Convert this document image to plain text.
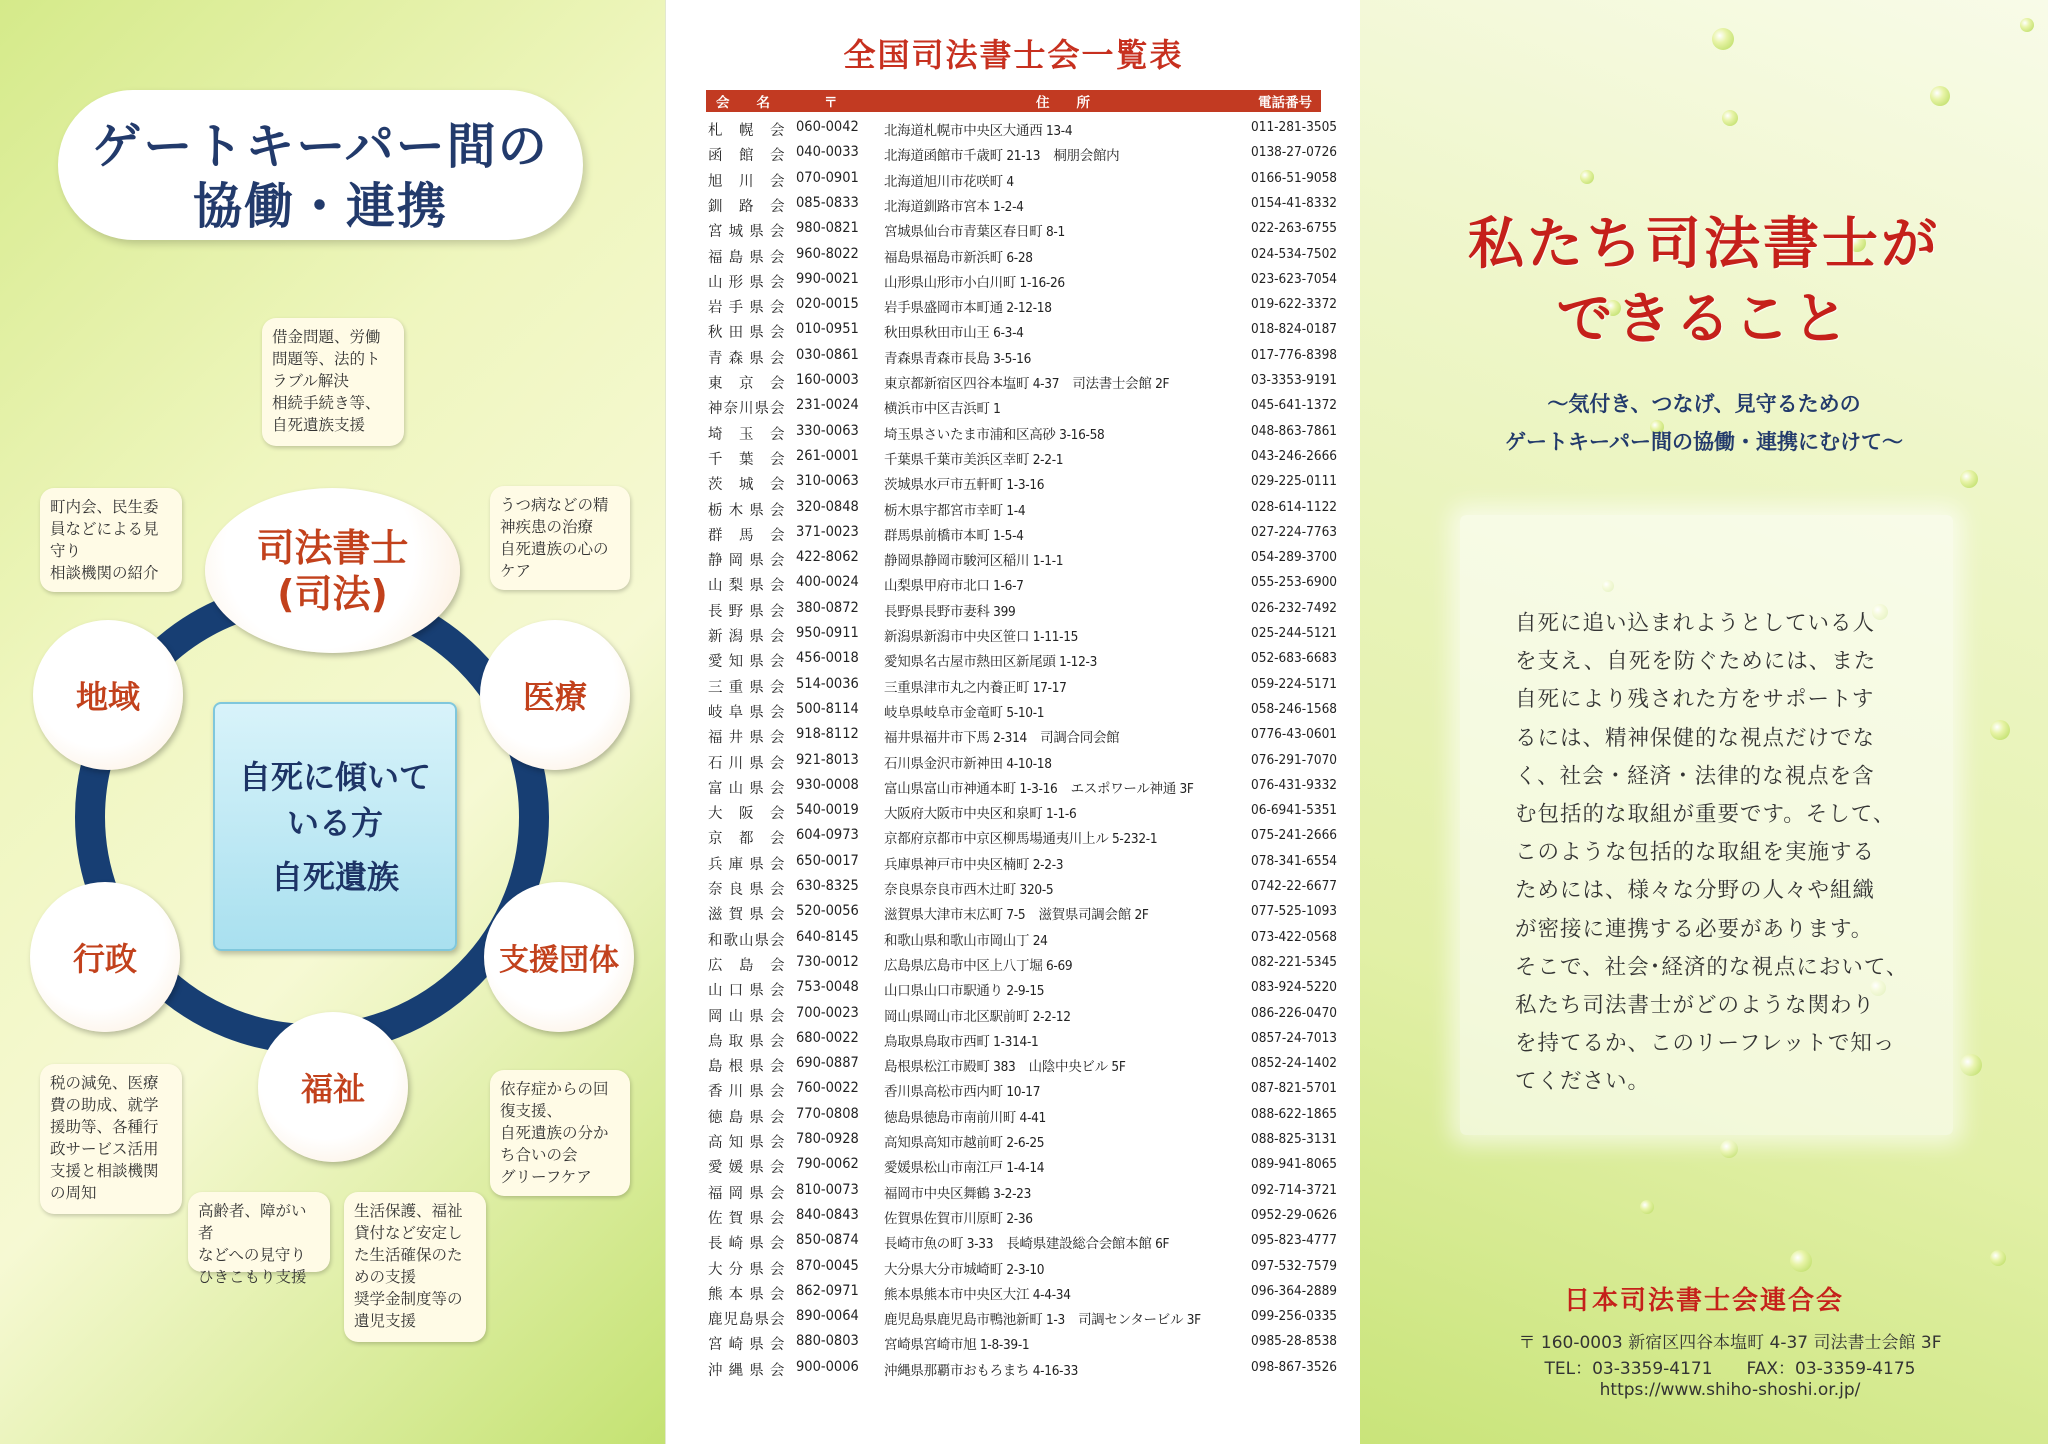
ゲートキーパー間の
協働・連携
司法書士
(司法)
医療
支援団体
福祉
行政
地域
自死に傾いて
いる方
自死遺族
借金問題、労働
問題等、法的ト
ラブル解決
相続手続き等、
自死遺族支援
町内会、民生委
員などによる見
守り
相談機関の紹介
うつ病などの精
神疾患の治療
自死遺族の心の
ケア
税の減免、医療
費の助成、就学
援助等、各種行
政サービス活用
支援と相談機関
の周知
依存症からの回
復支援、
自死遺族の分か
ち合いの会
グリーフケア
高齢者、障がい者
などへの見守り
ひきこもり支援
生活保護、福祉
貸付など安定し
た生活確保のた
めの支援
奨学金制度等の
遺児支援
全国司法書士会一覧表
会　　名	〒	住　　所	電話番号
札　幌　会 060-0042	北海道札幌市中央区大通西 13-4	011-281-3505
函　館　会 040-0033	北海道函館市千歳町 21-13　桐朋会館内	0138-27-0726
旭　川　会 070-0901	北海道旭川市花咲町 4	0166-51-9058
釧　路　会 085-0833	北海道釧路市宮本 1-2-4	0154-41-8332
宮 城 県 会 980-0821	宮城県仙台市青葉区春日町 8-1	022-263-6755
福 島 県 会 960-8022	福島県福島市新浜町 6-28	024-534-7502
山 形 県 会 990-0021	山形県山形市小白川町 1-16-26	023-623-7054
岩 手 県 会 020-0015	岩手県盛岡市本町通 2-12-18	019-622-3372
秋 田 県 会 010-0951	秋田県秋田市山王 6-3-4	018-824-0187
青 森 県 会 030-0861	青森県青森市長島 3-5-16	017-776-8398
東　京　会 160-0003	東京都新宿区四谷本塩町 4-37　司法書士会館 2F	03-3353-9191
神奈川県会 231-0024	横浜市中区吉浜町 1	045-641-1372
埼　玉　会 330-0063	埼玉県さいたま市浦和区高砂 3-16-58	048-863-7861
千　葉　会 261-0001	千葉県千葉市美浜区幸町 2-2-1	043-246-2666
茨　城　会 310-0063	茨城県水戸市五軒町 1-3-16	029-225-0111
栃 木 県 会 320-0848	栃木県宇都宮市幸町 1-4	028-614-1122
群　馬　会 371-0023	群馬県前橋市本町 1-5-4	027-224-7763
静 岡 県 会 422-8062	静岡県静岡市駿河区稲川 1-1-1	054-289-3700
山 梨 県 会 400-0024	山梨県甲府市北口 1-6-7	055-253-6900
長 野 県 会 380-0872	長野県長野市妻科 399	026-232-7492
新 潟 県 会 950-0911	新潟県新潟市中央区笹口 1-11-15	025-244-5121
愛 知 県 会 456-0018	愛知県名古屋市熱田区新尾頭 1-12-3	052-683-6683
三 重 県 会 514-0036	三重県津市丸之内養正町 17-17	059-224-5171
岐 阜 県 会 500-8114	岐阜県岐阜市金竜町 5-10-1	058-246-1568
福 井 県 会 918-8112	福井県福井市下馬 2-314　司調合同会館	0776-43-0601
石 川 県 会 921-8013	石川県金沢市新神田 4-10-18	076-291-7070
富 山 県 会 930-0008	富山県富山市神通本町 1-3-16　エスポワール神通 3F	076-431-9332
大　阪　会 540-0019	大阪府大阪市中央区和泉町 1-1-6	06-6941-5351
京　都　会 604-0973	京都府京都市中京区柳馬場通夷川上ル 5-232-1	075-241-2666
兵 庫 県 会 650-0017	兵庫県神戸市中央区楠町 2-2-3	078-341-6554
奈 良 県 会 630-8325	奈良県奈良市西木辻町 320-5	0742-22-6677
滋 賀 県 会 520-0056	滋賀県大津市末広町 7-5　滋賀県司調会館 2F	077-525-1093
和歌山県会 640-8145	和歌山県和歌山市岡山丁 24	073-422-0568
広　島　会 730-0012	広島県広島市中区上八丁堀 6-69	082-221-5345
山 口 県 会 753-0048	山口県山口市駅通り 2-9-15	083-924-5220
岡 山 県 会 700-0023	岡山県岡山市北区駅前町 2-2-12	086-226-0470
鳥 取 県 会 680-0022	鳥取県鳥取市西町 1-314-1	0857-24-7013
島 根 県 会 690-0887	島根県松江市殿町 383　山陰中央ビル 5F	0852-24-1402
香 川 県 会 760-0022	香川県高松市西内町 10-17	087-821-5701
徳 島 県 会 770-0808	徳島県徳島市南前川町 4-41	088-622-1865
高 知 県 会 780-0928	高知県高知市越前町 2-6-25	088-825-3131
愛 媛 県 会 790-0062	愛媛県松山市南江戸 1-4-14	089-941-8065
福 岡 県 会 810-0073	福岡市中央区舞鶴 3-2-23	092-714-3721
佐 賀 県 会 840-0843	佐賀県佐賀市川原町 2-36	0952-29-0626
長 崎 県 会 850-0874	長崎市魚の町 3-33　長崎県建設総合会館本館 6F	095-823-4777
大 分 県 会 870-0045	大分県大分市城崎町 2-3-10	097-532-7579
熊 本 県 会 862-0971	熊本県熊本市中央区大江 4-4-34	096-364-2889
鹿児島県会 890-0064	鹿児島県鹿児島市鴨池新町 1-3　司調センタービル 3F	099-256-0335
宮 崎 県 会 880-0803	宮崎県宮崎市旭 1-8-39-1	0985-28-8538
沖 縄 県 会 900-0006	沖縄県那覇市おもろまち 4-16-33	098-867-3526
私たち司法書士が
できること
～気付き、つなげ、見守るための
ゲートキーパー間の協働・連携にむけて～
自死に追い込まれようとしている人
を支え、自死を防ぐためには、また
自死により残された方をサポートす
るには、精神保健的な視点だけでな
く、社会・経済・法律的な視点を含
む包括的な取組が重要です。そして、
このような包括的な取組を実施する
ためには、様々な分野の人々や組織
が密接に連携する必要があります。
そこで、社会･経済的な視点において、
私たち司法書士がどのような関わり
を持てるか、このリーフレットで知っ
てください。
日本司法書士会連合会
〒 160-0003 新宿区四谷本塩町 4-37 司法書士会館 3F
TEL：03-3359-4171　　FAX：03-3359-4175
https://www.shiho-shoshi.or.jp/
